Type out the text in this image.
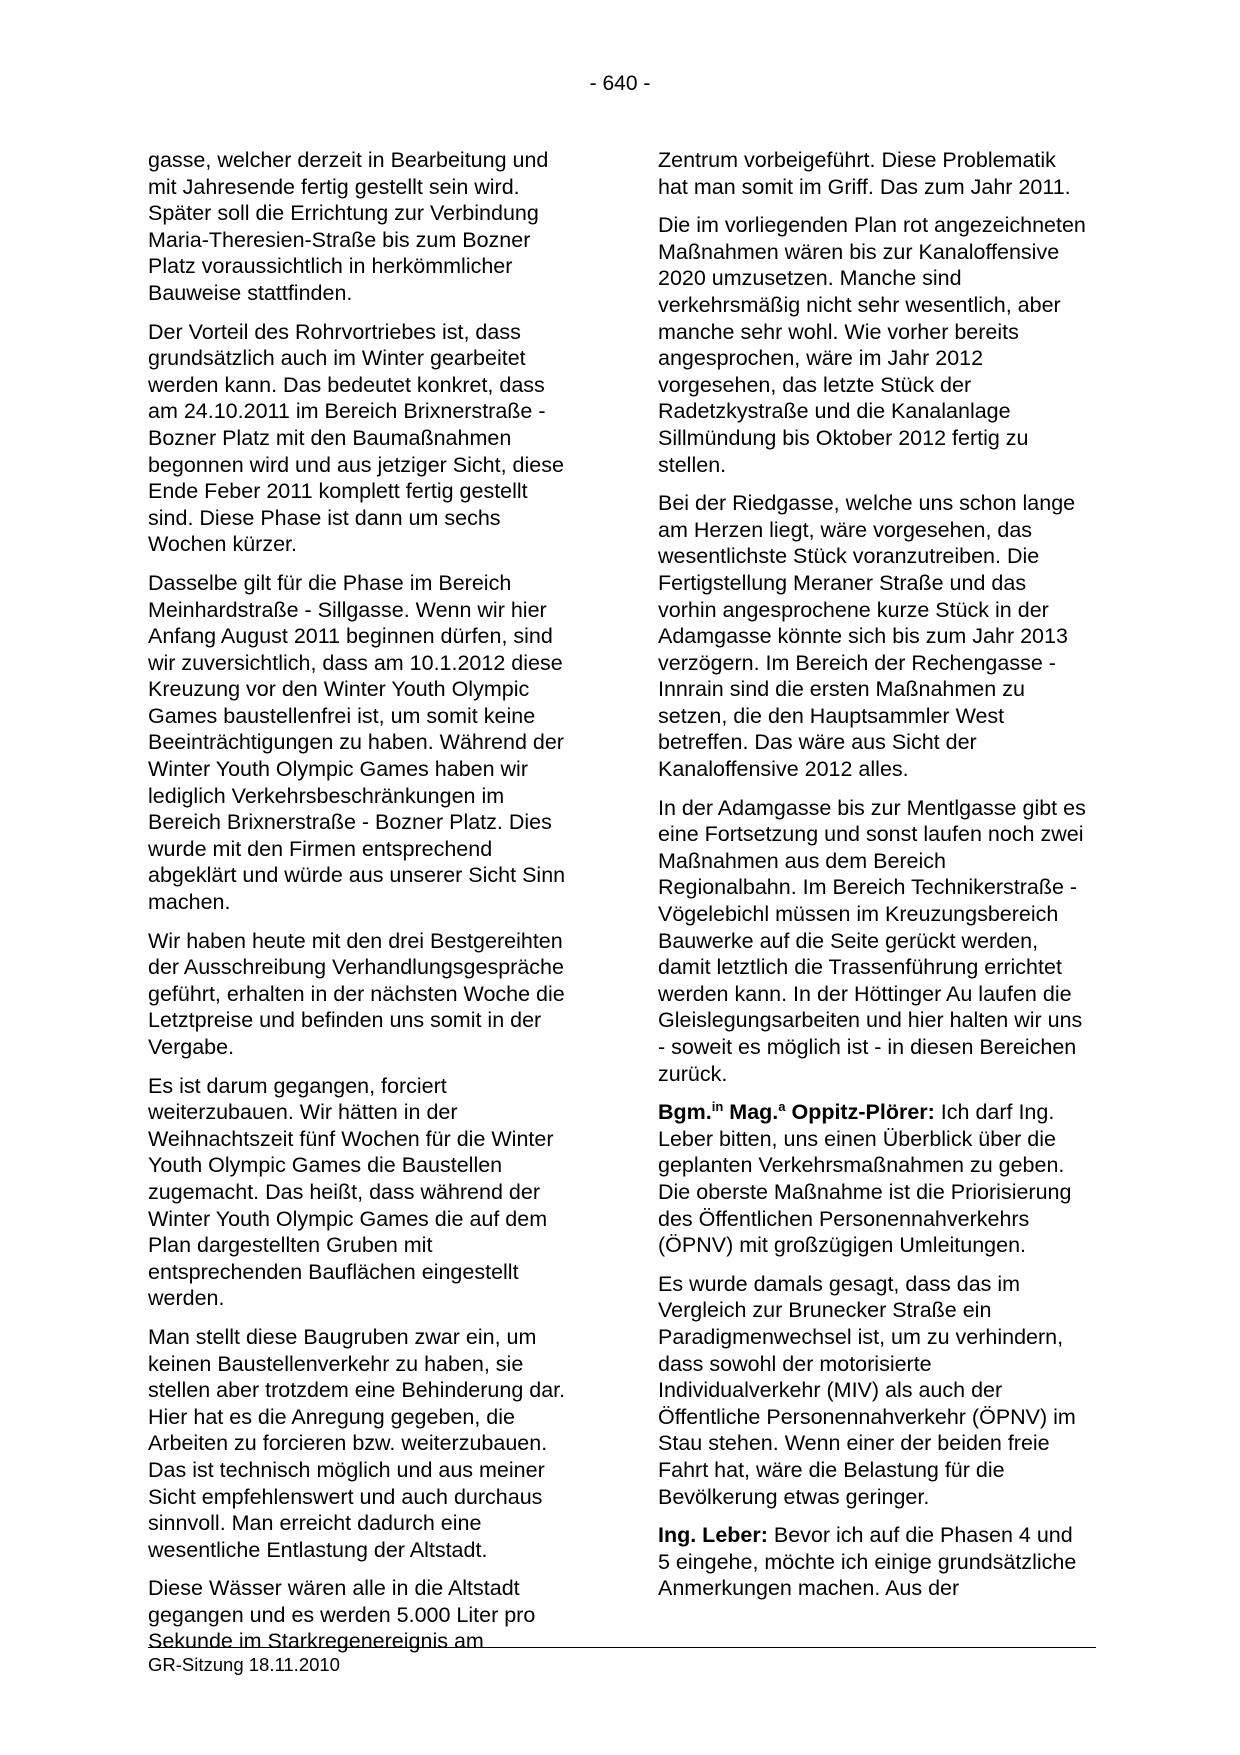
- 640 -

gasse, welcher derzeit in Bearbeitung und mit Jahresende fertig gestellt sein wird. Später soll die Errichtung zur Verbindung Maria-Theresien-Straße bis zum Bozner Platz voraussichtlich in herkömmlicher Bauweise stattfinden.

Der Vorteil des Rohrvortriebes ist, dass grundsätzlich auch im Winter gearbeitet werden kann. Das bedeutet konkret, dass am 24.10.2011 im Bereich Brixnerstraße - Bozner Platz mit den Baumaßnahmen begonnen wird und aus jetziger Sicht, diese Ende Feber 2011 komplett fertig gestellt sind. Diese Phase ist dann um sechs Wochen kürzer.

Dasselbe gilt für die Phase im Bereich Meinhardstraße - Sillgasse. Wenn wir hier Anfang August 2011 beginnen dürfen, sind wir zuversichtlich, dass am 10.1.2012 diese Kreuzung vor den Winter Youth Olympic Games baustellenfrei ist, um somit keine Beeinträchtigungen zu haben. Während der Winter Youth Olympic Games haben wir lediglich Verkehrsbeschränkungen im Bereich Brixnerstraße - Bozner Platz. Dies wurde mit den Firmen entsprechend abgeklärt und würde aus unserer Sicht Sinn machen.

Wir haben heute mit den drei Bestgereihten der Ausschreibung Verhandlungsgespräche geführt, erhalten in der nächsten Woche die Letztpreise und befinden uns somit in der Vergabe.

Es ist darum gegangen, forciert weiterzubauen. Wir hätten in der Weihnachtszeit fünf Wochen für die Winter Youth Olympic Games die Baustellen zugemacht. Das heißt, dass während der Winter Youth Olympic Games die auf dem Plan dargestellten Gruben mit entsprechenden Bauflächen eingestellt werden.

Man stellt diese Baugruben zwar ein, um keinen Baustellenverkehr zu haben, sie stellen aber trotzdem eine Behinderung dar. Hier hat es die Anregung gegeben, die Arbeiten zu forcieren bzw. weiterzubauen. Das ist technisch möglich und aus meiner Sicht empfehlenswert und auch durchaus sinnvoll. Man erreicht dadurch eine wesentliche Entlastung der Altstadt.

Diese Wässer wären alle in die Altstadt gegangen und es werden 5.000 Liter pro Sekunde im Starkregenereignis am

Zentrum vorbeigeführt. Diese Problematik hat man somit im Griff. Das zum Jahr 2011.

Die im vorliegenden Plan rot angezeichneten Maßnahmen wären bis zur Kanaloffensive 2020 umzusetzen. Manche sind verkehrsmäßig nicht sehr wesentlich, aber manche sehr wohl. Wie vorher bereits angesprochen, wäre im Jahr 2012 vorgesehen, das letzte Stück der Radetzkystraße und die Kanalanlage Sillmündung bis Oktober 2012 fertig zu stellen.

Bei der Riedgasse, welche uns schon lange am Herzen liegt, wäre vorgesehen, das wesentlichste Stück voranzutreiben. Die Fertigstellung Meraner Straße und das vorhin angesprochene kurze Stück in der Adamgasse könnte sich bis zum Jahr 2013 verzögern. Im Bereich der Rechengasse - Innrain sind die ersten Maßnahmen zu setzen, die den Hauptsammler West betreffen. Das wäre aus Sicht der Kanaloffensive 2012 alles.

In der Adamgasse bis zur Mentlgasse gibt es eine Fortsetzung und sonst laufen noch zwei Maßnahmen aus dem Bereich Regionalbahn. Im Bereich Technikerstraße - Vögelebichl müssen im Kreuzungsbereich Bauwerke auf die Seite gerückt werden, damit letztlich die Trassenführung errichtet werden kann. In der Höttinger Au laufen die Gleislegungsarbeiten und hier halten wir uns - soweit es möglich ist - in diesen Bereichen zurück.

Bgm.$^{in}$ Mag.$^a$ Oppitz-Plörer: Ich darf Ing. Leber bitten, uns einen Überblick über die geplanten Verkehrsmaßnahmen zu geben. Die oberste Maßnahme ist die Priorisierung des Öffentlichen Personennahverkehrs (ÖPNV) mit großzügigen Umleitungen.

Es wurde damals gesagt, dass das im Vergleich zur Brunecker Straße ein Paradigmenwechsel ist, um zu verhindern, dass sowohl der motorisierte Individualverkehr (MIV) als auch der Öffentliche Personennahverkehr (ÖPNV) im Stau stehen. Wenn einer der beiden freie Fahrt hat, wäre die Belastung für die Bevölkerung etwas geringer.

Ing. Leber: Bevor ich auf die Phasen 4 und 5 eingehe, möchte ich einige grundsätzliche Anmerkungen machen. Aus der

GR-Sitzung 18.11.2010
